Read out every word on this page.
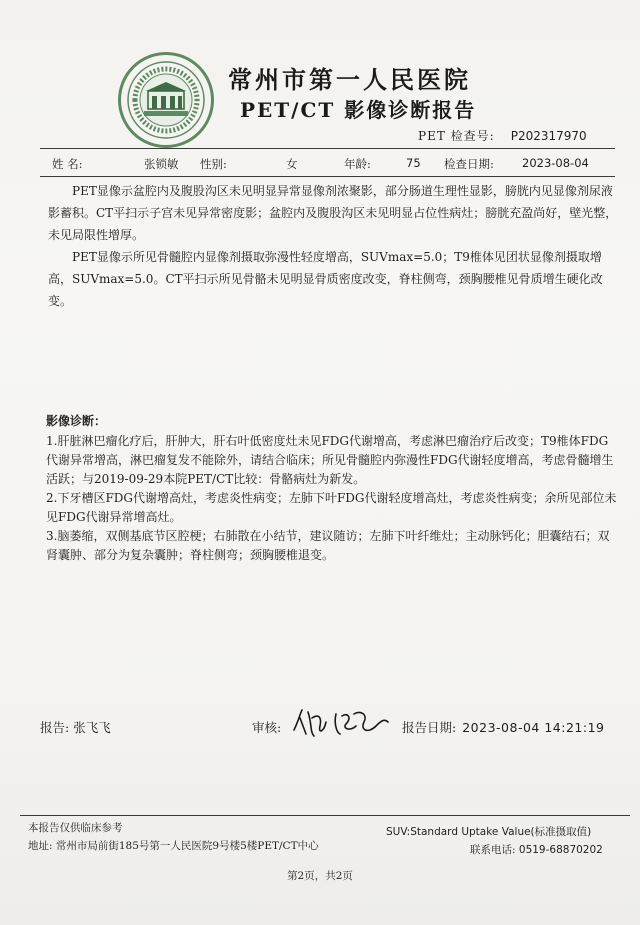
常州市第一人民医院
PET/CT 影像诊断报告
PET 检查号: P202317970
姓 名:	张锁敏 性别:	女	年龄:	75 检查日期: 2023-08-04

PET显像示盆腔内及腹股沟区未见明显异常显像剂浓聚影，部分肠道生理性显影，膀胱内见显像剂尿液影蓄积。CT平扫示子宫未见异常密度影；盆腔内及腹股沟区未见明显占位性病灶；膀胱充盈尚好，壁光整，未见局限性增厚。

PET显像示所见骨髓腔内显像剂摄取弥漫性轻度增高，SUVmax=5.0；T9椎体见团状显像剂摄取增高，SUVmax=5.0。CT平扫示所见骨骼未见明显骨质密度改变，脊柱侧弯，颈胸腰椎见骨质增生硬化改变。

影像诊断：

1.肝脏淋巴瘤化疗后，肝肿大，肝右叶低密度灶未见FDG代谢增高，考虑淋巴瘤治疗后改变；T9椎体FDG代谢异常增高，淋巴瘤复发不能除外，请结合临床；所见骨髓腔内弥漫性FDG代谢轻度增高，考虑骨髓增生活跃；与2019-09-29本院PET/CT比较：骨骼病灶为新发。

2.下牙槽区FDG代谢增高灶，考虑炎性病变；左肺下叶FDG代谢轻度增高灶，考虑炎性病变；余所见部位未见FDG代谢异常增高灶。

3.脑萎缩，双侧基底节区腔梗；右肺散在小结节，建议随访；左肺下叶纤维灶；主动脉钙化；胆囊结石；双肾囊肿、部分为复杂囊肿；脊柱侧弯；颈胸腰椎退变。

报告: 张飞飞	审核:	报告日期: 2023-08-04 14:21:19
本报告仅供临床参考
地址: 常州市局前街185号第一人民医院9号楼5楼PET/CT中心
SUV:Standard Uptake Value(标准摄取值)
联系电话: 0519-68870202
第2页，共2页
